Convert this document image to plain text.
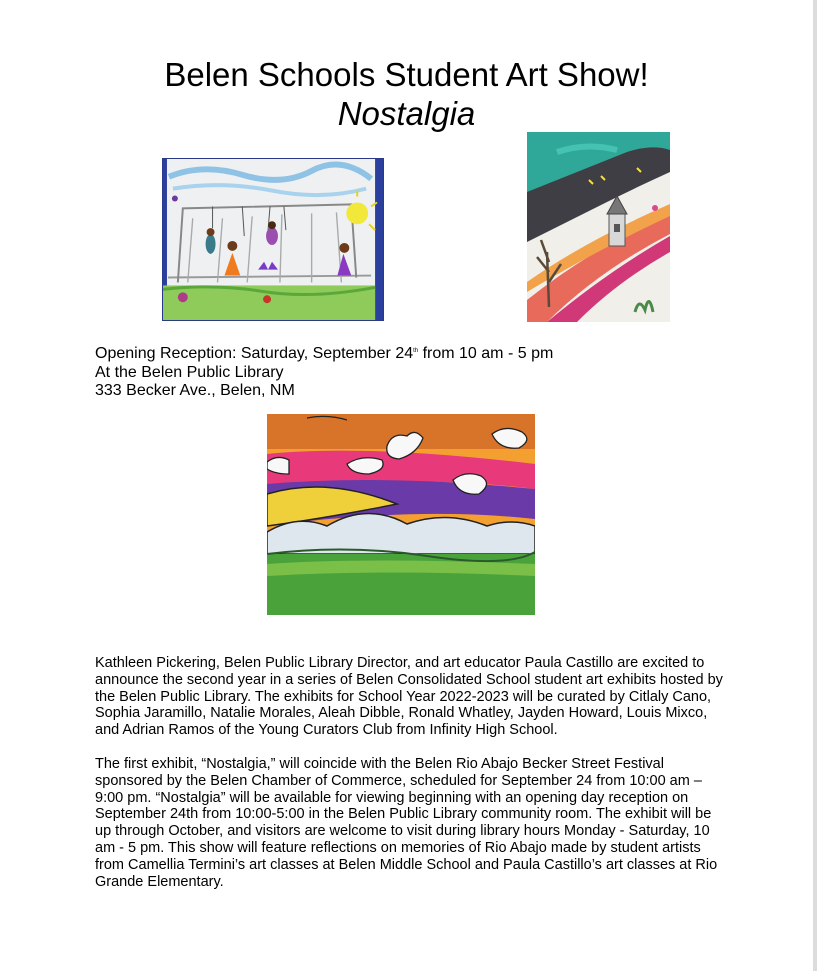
Belen Schools Student Art Show!
Nostalgia
Opening Reception: Saturday, September 24th from 10 am - 5 pm
At the Belen Public Library
333 Becker Ave., Belen, NM

Kathleen Pickering, Belen Public Library Director, and art educator Paula Castillo are excited to announce the second year in a series of Belen Consolidated School student art exhibits hosted by the Belen Public Library. The exhibits for School Year 2022-2023 will be curated by Citlaly Cano, Sophia Jaramillo, Natalie Morales, Aleah Dibble, Ronald Whatley, Jayden Howard, Louis Mixco, and Adrian Ramos of the Young Curators Club from Infinity High School.

The first exhibit, “Nostalgia,” will coincide with the Belen Rio Abajo Becker Street Festival sponsored by the Belen Chamber of Commerce, scheduled for September 24 from 10:00 am – 9:00 pm. “Nostalgia” will be available for viewing beginning with an opening day reception on September 24th from 10:00-5:00 in the Belen Public Library community room. The exhibit will be up through October, and visitors are welcome to visit during library hours Monday - Saturday, 10 am - 5 pm. This show will feature reflections on memories of Rio Abajo made by student artists from Camellia Termini’s art classes at Belen Middle School and Paula Castillo’s art classes at Rio Grande Elementary.
